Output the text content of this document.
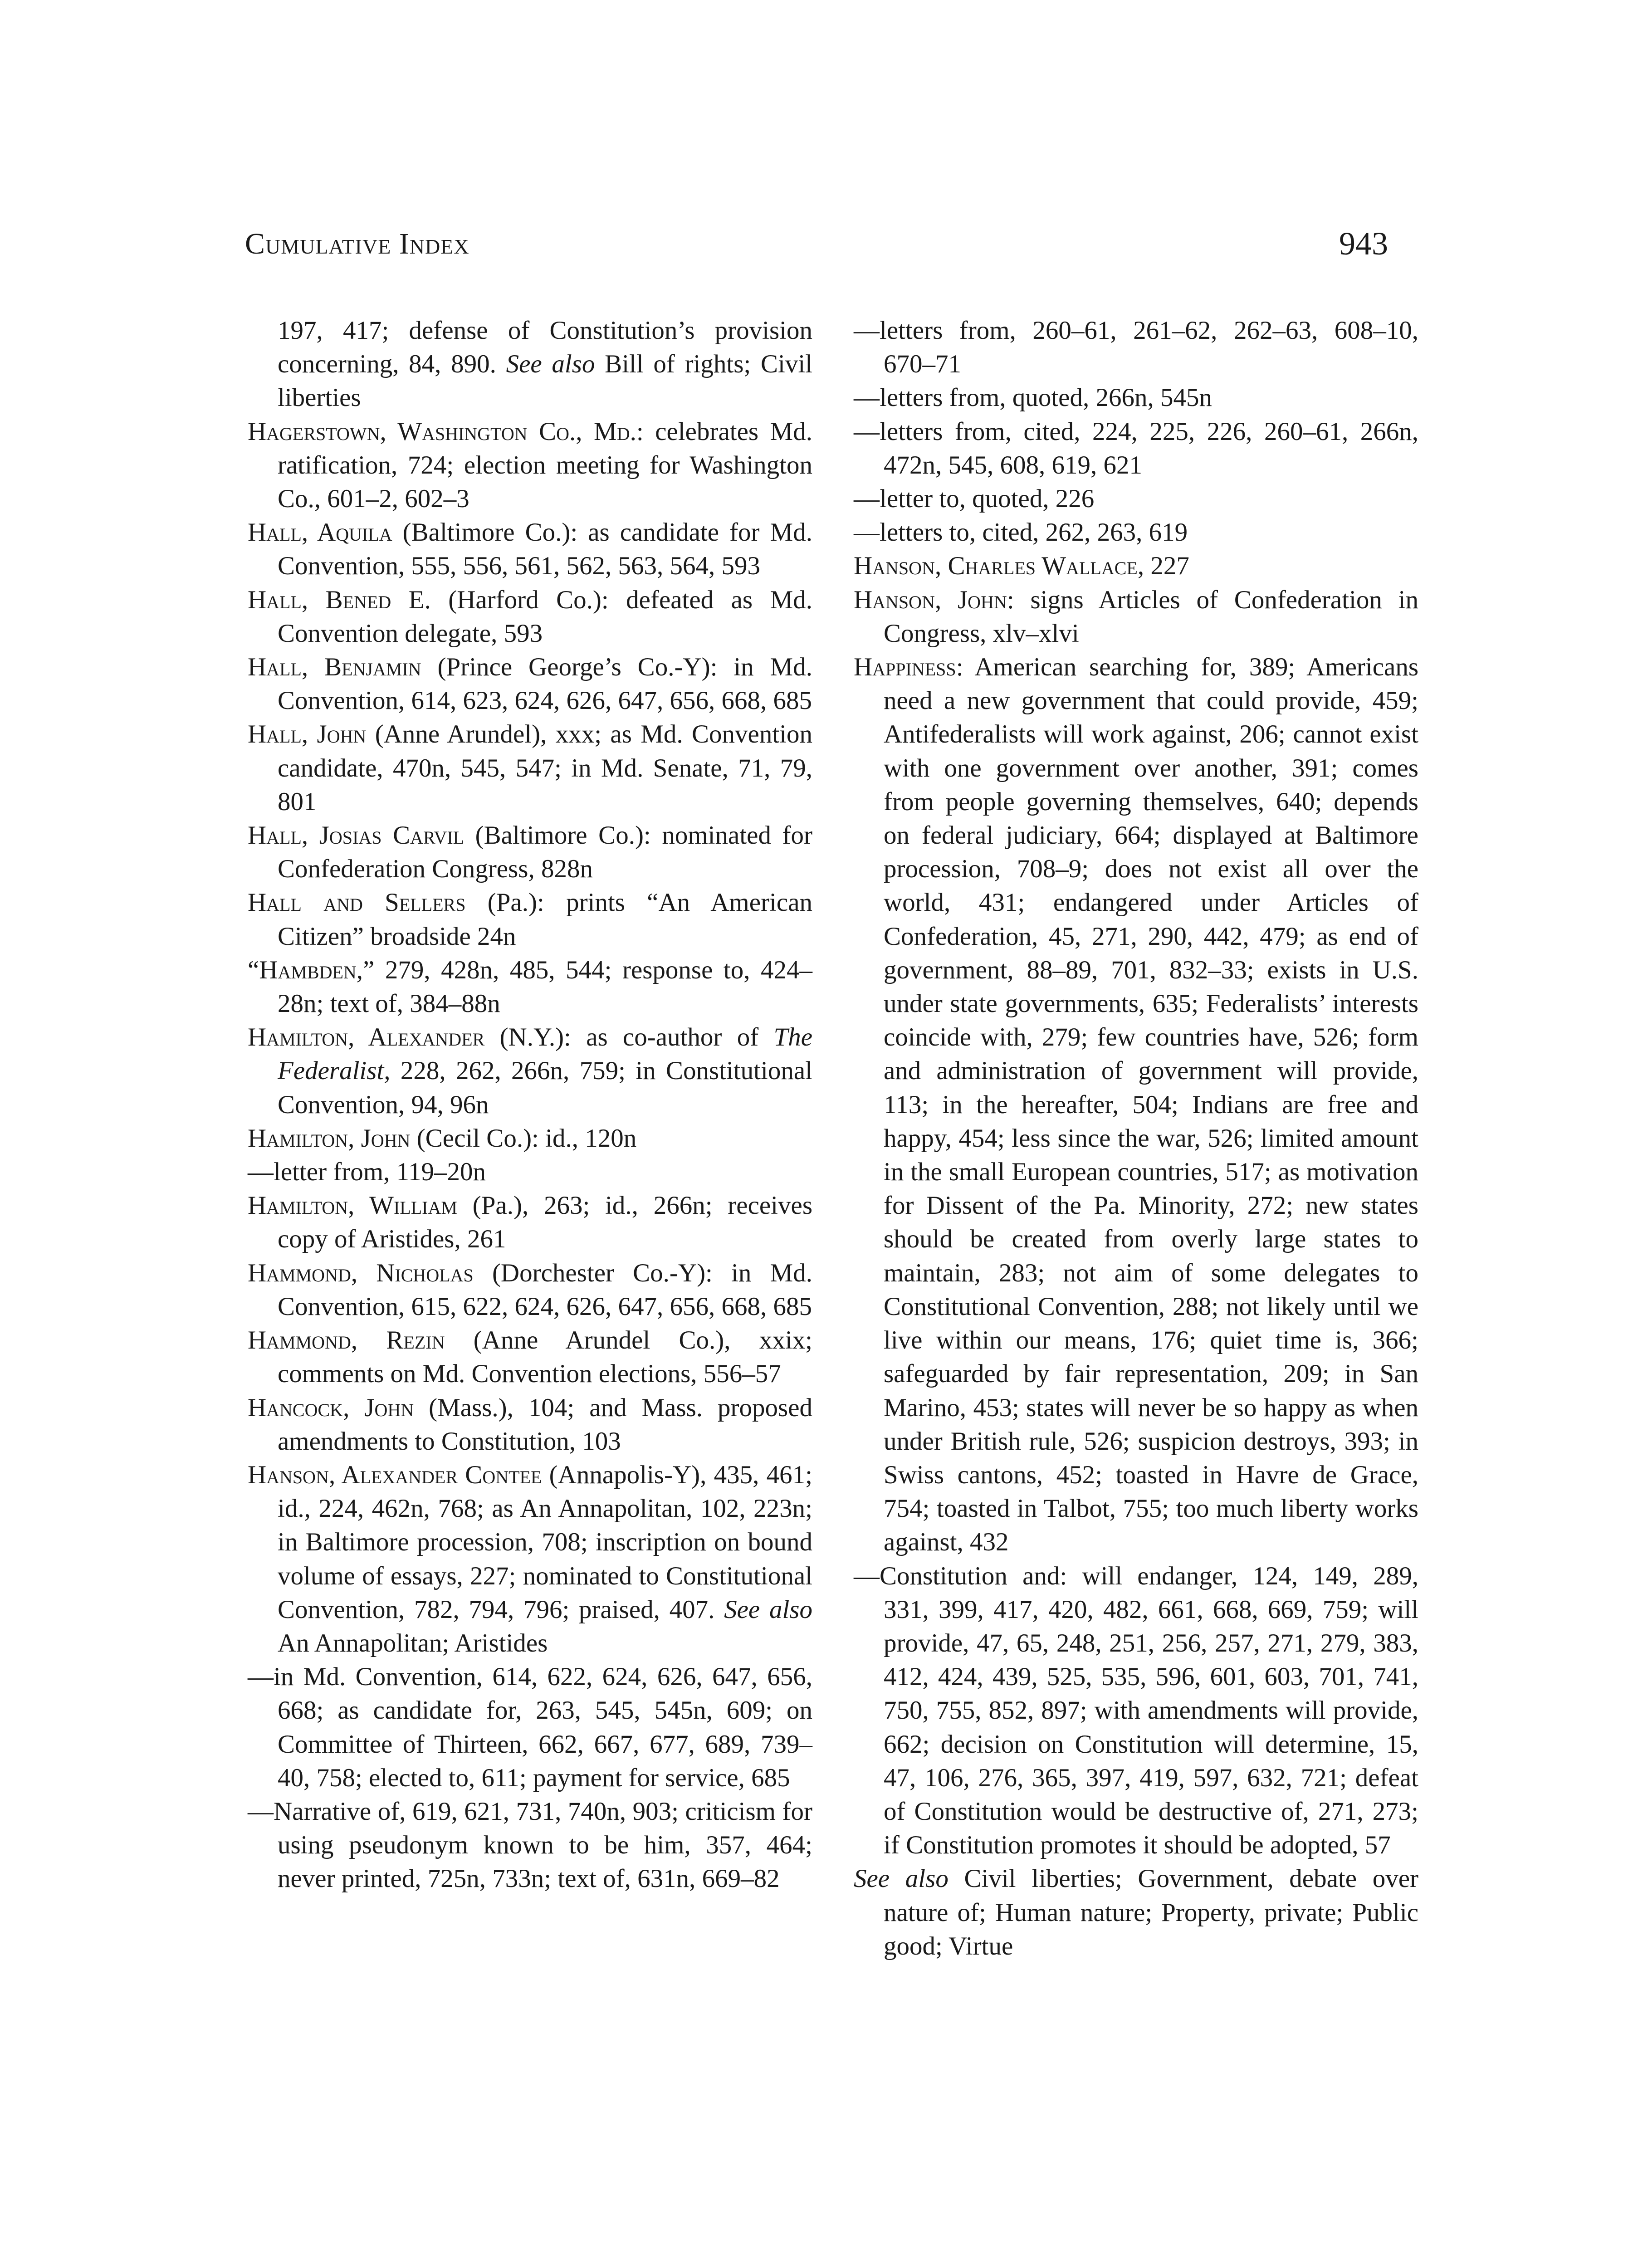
Cumulative Index	943

197, 417; defense of Constitution’s provision concerning, 84, 890. See also Bill of rights; Civil liberties

Hagerstown, Washington Co., Md.: celebrates Md. ratification, 724; election meeting for Washington Co., 601–2, 602–3

Hall, Aquila (Baltimore Co.): as candidate for Md. Convention, 555, 556, 561, 562, 563, 564, 593

Hall, Bened E. (Harford Co.): defeated as Md. Convention delegate, 593

Hall, Benjamin (Prince George’s Co.-Y): in Md. Convention, 614, 623, 624, 626, 647, 656, 668, 685

Hall, John (Anne Arundel), xxx; as Md. Convention candidate, 470n, 545, 547; in Md. Senate, 71, 79, 801

Hall, Josias Carvil (Baltimore Co.): nominated for Confederation Congress, 828n

Hall and Sellers (Pa.): prints “An American Citizen” broadside 24n

“Hambden,” 279, 428n, 485, 544; response to, 424–28n; text of, 384–88n

Hamilton, Alexander (N.Y.): as co-author of The Federalist, 228, 262, 266n, 759; in Constitutional Convention, 94, 96n

Hamilton, John (Cecil Co.): id., 120n

—letter from, 119–20n

Hamilton, William (Pa.), 263; id., 266n; receives copy of Aristides, 261

Hammond, Nicholas (Dorchester Co.-Y): in Md. Convention, 615, 622, 624, 626, 647, 656, 668, 685

Hammond, Rezin (Anne Arundel Co.), xxix; comments on Md. Convention elections, 556–57

Hancock, John (Mass.), 104; and Mass. proposed amendments to Constitution, 103

Hanson, Alexander Contee (Annapolis-Y), 435, 461; id., 224, 462n, 768; as An Annapolitan, 102, 223n; in Baltimore procession, 708; inscription on bound volume of essays, 227; nominated to Constitutional Convention, 782, 794, 796; praised, 407. See also An Annapolitan; Aristides

—in Md. Convention, 614, 622, 624, 626, 647, 656, 668; as candidate for, 263, 545, 545n, 609; on Committee of Thirteen, 662, 667, 677, 689, 739–40, 758; elected to, 611; payment for service, 685

—Narrative of, 619, 621, 731, 740n, 903; criticism for using pseudonym known to be him, 357, 464; never printed, 725n, 733n; text of, 631n, 669–82

—letters from, 260–61, 261–62, 262–63, 608–10, 670–71

—letters from, quoted, 266n, 545n

—letters from, cited, 224, 225, 226, 260–61, 266n, 472n, 545, 608, 619, 621

—letter to, quoted, 226

—letters to, cited, 262, 263, 619

Hanson, Charles Wallace, 227

Hanson, John: signs Articles of Confederation in Congress, xlv–xlvi

Happiness: American searching for, 389; Americans need a new government that could provide, 459; Antifederalists will work against, 206; cannot exist with one government over another, 391; comes from people governing themselves, 640; depends on federal judiciary, 664; displayed at Baltimore procession, 708–9; does not exist all over the world, 431; endangered under Articles of Confederation, 45, 271, 290, 442, 479; as end of government, 88–89, 701, 832–33; exists in U.S. under state governments, 635; Federalists’ interests coincide with, 279; few countries have, 526; form and administration of government will provide, 113; in the hereafter, 504; Indians are free and happy, 454; less since the war, 526; limited amount in the small European countries, 517; as motivation for Dissent of the Pa. Minority, 272; new states should be created from overly large states to maintain, 283; not aim of some delegates to Constitutional Convention, 288; not likely until we live within our means, 176; quiet time is, 366; safeguarded by fair representation, 209; in San Marino, 453; states will never be so happy as when under British rule, 526; suspicion destroys, 393; in Swiss cantons, 452; toasted in Havre de Grace, 754; toasted in Talbot, 755; too much liberty works against, 432

—Constitution and: will endanger, 124, 149, 289, 331, 399, 417, 420, 482, 661, 668, 669, 759; will provide, 47, 65, 248, 251, 256, 257, 271, 279, 383, 412, 424, 439, 525, 535, 596, 601, 603, 701, 741, 750, 755, 852, 897; with amendments will provide, 662; decision on Constitution will determine, 15, 47, 106, 276, 365, 397, 419, 597, 632, 721; defeat of Constitution would be destructive of, 271, 273; if Constitution promotes it should be adopted, 57

See also Civil liberties; Government, debate over nature of; Human nature; Property, private; Public good; Virtue
